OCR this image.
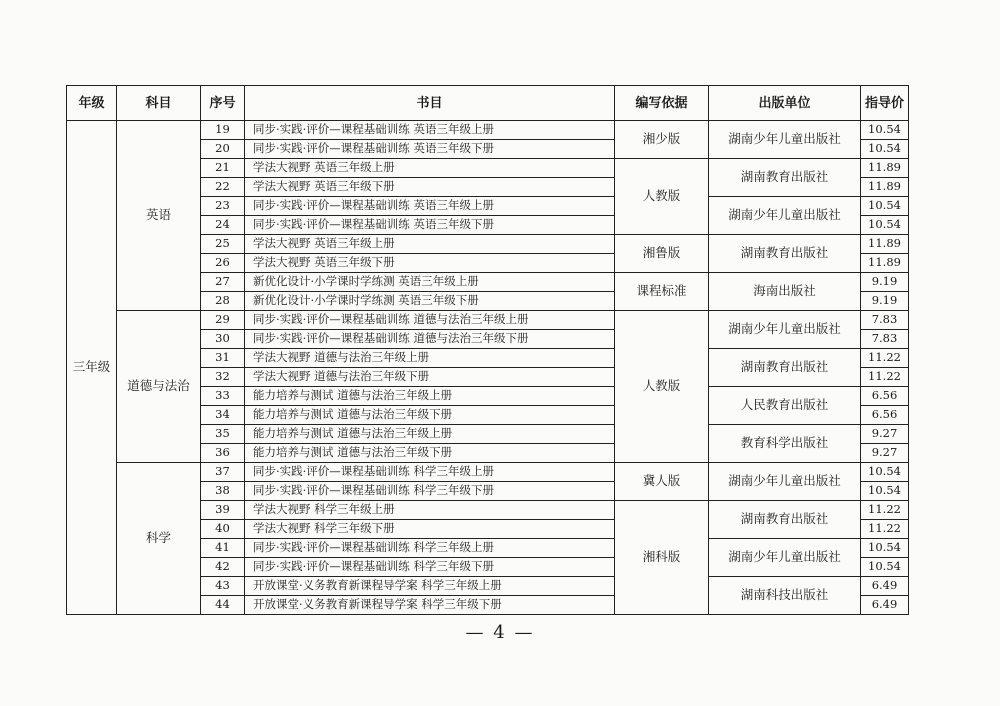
年级	科目	序号	书目	编写依据	出版单位	指导价
三年级	英语	19	同步·实践·评价—课程基础训练 英语三年级上册	湘少版	湖南少年儿童出版社	10.54
		20	同步·实践·评价—课程基础训练 英语三年级下册			10.54
		21	学法大视野 英语三年级上册	人教版	湖南教育出版社	11.89
		22	学法大视野 英语三年级下册			11.89
		23	同步·实践·评价—课程基础训练 英语三年级上册		湖南少年儿童出版社	10.54
		24	同步·实践·评价—课程基础训练 英语三年级下册			10.54
		25	学法大视野 英语三年级上册	湘鲁版	湖南教育出版社	11.89
		26	学法大视野 英语三年级下册			11.89
		27	新优化设计·小学课时学练测 英语三年级上册	课程标准	海南出版社	9.19
		28	新优化设计·小学课时学练测 英语三年级下册			9.19
	道德与法治	29	同步·实践·评价—课程基础训练 道德与法治三年级上册	人教版	湖南少年儿童出版社	7.83
		30	同步·实践·评价—课程基础训练 道德与法治三年级下册			7.83
		31	学法大视野 道德与法治三年级上册		湖南教育出版社	11.22
		32	学法大视野 道德与法治三年级下册			11.22
		33	能力培养与测试 道德与法治三年级上册		人民教育出版社	6.56
		34	能力培养与测试 道德与法治三年级下册			6.56
		35	能力培养与测试 道德与法治三年级上册		教育科学出版社	9.27
		36	能力培养与测试 道德与法治三年级下册			9.27
	科学	37	同步·实践·评价—课程基础训练 科学三年级上册	冀人版	湖南少年儿童出版社	10.54
		38	同步·实践·评价—课程基础训练 科学三年级下册			10.54
		39	学法大视野 科学三年级上册	湘科版	湖南教育出版社	11.22
		40	学法大视野 科学三年级下册			11.22
		41	同步·实践·评价—课程基础训练 科学三年级上册		湖南少年儿童出版社	10.54
		42	同步·实践·评价—课程基础训练 科学三年级下册			10.54
		43	开放课堂·义务教育新课程导学案 科学三年级上册		湖南科技出版社	6.49
		44	开放课堂·义务教育新课程导学案 科学三年级下册			6.49
— 4 —
